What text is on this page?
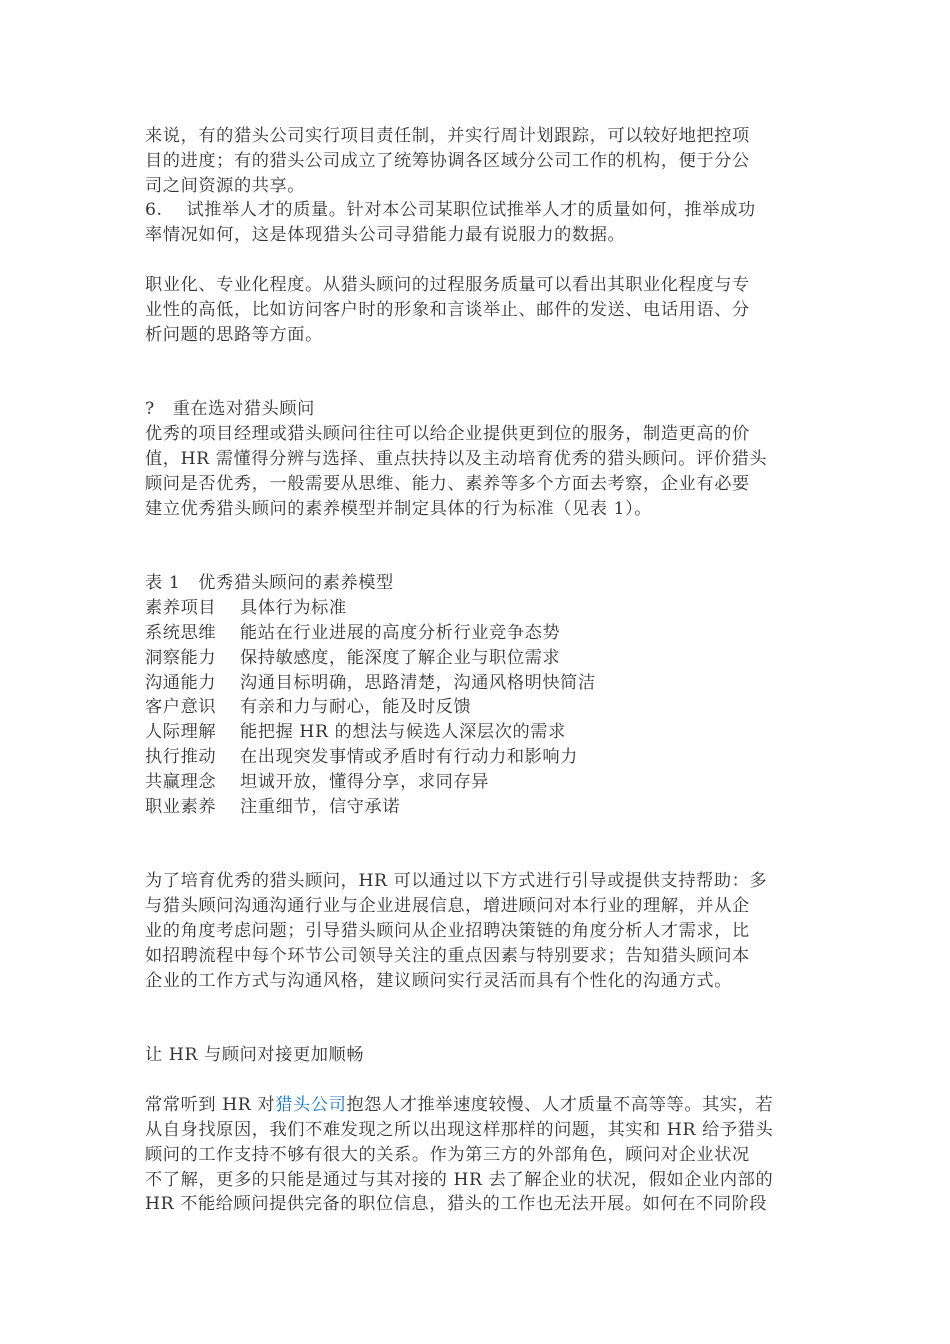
来说，有的猎头公司实行项目责任制，并实行周计划跟踪，可以较好地把控项
目的进度；有的猎头公司成立了统筹协调各区域分公司工作的机构，便于分公
司之间资源的共享。
6.　 试推举人才的质量。针对本公司某职位试推举人才的质量如何，推举成功
率情况如何，这是体现猎头公司寻猎能力最有说服力的数据。
职业化、专业化程度。从猎头顾问的过程服务质量可以看出其职业化程度与专
业性的高低，比如访问客户时的形象和言谈举止、邮件的发送、电话用语、分
析问题的思路等方面。
?　重在选对猎头顾问
优秀的项目经理或猎头顾问往往可以给企业提供更到位的服务，制造更高的价
值，HR 需懂得分辨与选择、重点扶持以及主动培育优秀的猎头顾问。评价猎头
顾问是否优秀，一般需要从思维、能力、素养等多个方面去考察，企业有必要
建立优秀猎头顾问的素养模型并制定具体的行为标准（见表 1）。
表 1　优秀猎头顾问的素养模型
素养项目 具体行为标准
系统思维 能站在行业进展的高度分析行业竞争态势
洞察能力 保持敏感度，能深度了解企业与职位需求
沟通能力 沟通目标明确，思路清楚，沟通风格明快简洁
客户意识 有亲和力与耐心，能及时反馈
人际理解 能把握 HR 的想法与候选人深层次的需求
执行推动 在出现突发事情或矛盾时有行动力和影响力
共赢理念 坦诚开放，懂得分享，求同存异
职业素养 注重细节，信守承诺
为了培育优秀的猎头顾问，HR 可以通过以下方式进行引导或提供支持帮助：多
与猎头顾问沟通沟通行业与企业进展信息，增进顾问对本行业的理解，并从企
业的角度考虑问题；引导猎头顾问从企业招聘决策链的角度分析人才需求，比
如招聘流程中每个环节公司领导关注的重点因素与特别要求；告知猎头顾问本
企业的工作方式与沟通风格，建议顾问实行灵活而具有个性化的沟通方式。
让 HR 与顾问对接更加顺畅
常常听到 HR 对猎头公司抱怨人才推举速度较慢、人才质量不高等等。其实，若
从自身找原因，我们不难发现之所以出现这样那样的问题，其实和 HR 给予猎头
顾问的工作支持不够有很大的关系。作为第三方的外部角色，顾问对企业状况
不了解，更多的只能是通过与其对接的 HR 去了解企业的状况，假如企业内部的
HR 不能给顾问提供完备的职位信息，猎头的工作也无法开展。如何在不同阶段
